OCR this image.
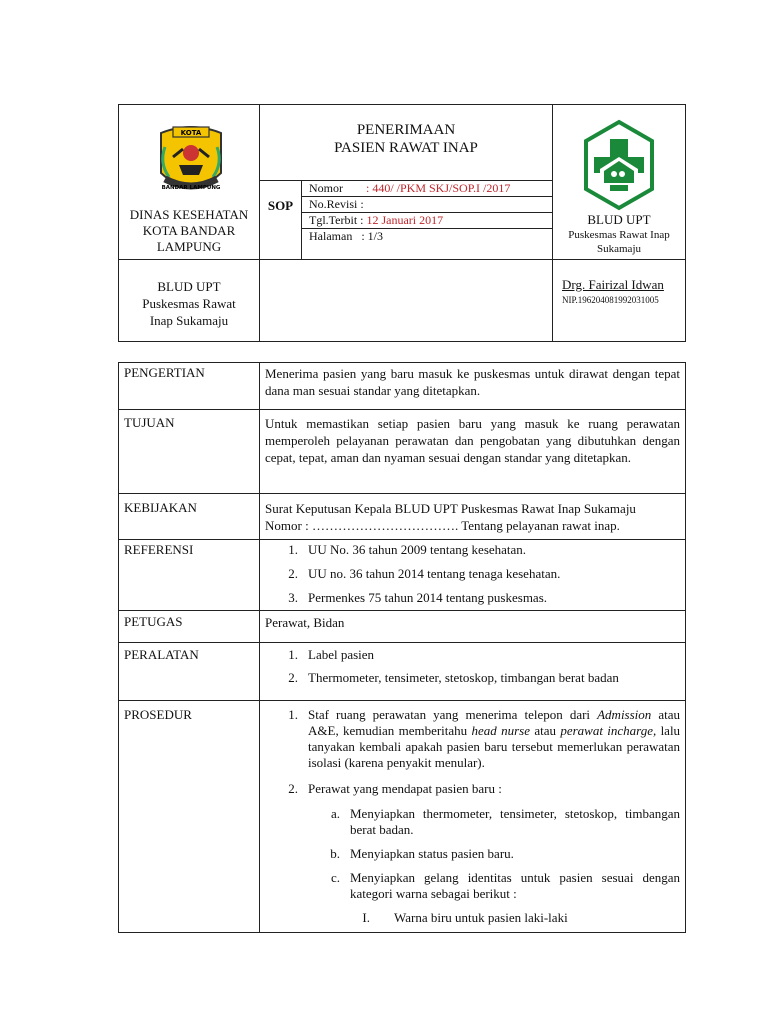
KOTA
BANDAR LAMPUNG
DINAS KESEHATAN
KOTA BANDAR
LAMPUNG
PENERIMAAN
PASIEN RAWAT INAP
SOP
Nomor : 440/ /PKM SKJ/SOP.I /2017
No.Revisi :
Tgl.Terbit : 12 Januari 2017
Halaman : 1/3
BLUD UPT
Puskesmas Rawat Inap
Sukamaju
BLUD UPT
Puskesmas Rawat
Inap Sukamaju
Drg. Fairizal Idwan
NIP.196204081992031005
PENGERTIAN	Menerima pasien yang baru masuk ke puskesmas untuk dirawat dengan tepat dana man sesuai standar yang ditetapkan.
TUJUAN	Untuk memastikan setiap pasien baru yang masuk ke ruang perawatan memperoleh pelayanan perawatan dan pengobatan yang dibutuhkan dengan cepat, tepat, aman dan nyaman sesuai dengan standar yang ditetapkan.
KEBIJAKAN	Surat Keputusan Kepala BLUD UPT Puskesmas Rawat Inap Sukamaju
Nomor : ……………………………. Tentang pelayanan rawat inap.
REFERENSI	1. UU No. 36 tahun 2009 tentang kesehatan.
2. UU no. 36 tahun 2014 tentang tenaga kesehatan.
3. Permenkes 75 tahun 2014 tentang puskesmas.
PETUGAS	Perawat, Bidan
PERALATAN	1. Label pasien
2. Thermometer, tensimeter, stetoskop, timbangan berat badan
PROSEDUR	1. Staf ruang perawatan yang menerima telepon dari Admission atau A&E, kemudian memberitahu head nurse atau perawat incharge, lalu tanyakan kembali apakah pasien baru tersebut memerlukan perawatan isolasi (karena penyakit menular).
2. Perawat yang mendapat pasien baru :
a. Menyiapkan thermometer, tensimeter, stetoskop, timbangan berat badan.
b. Menyiapkan status pasien baru.
c. Menyiapkan gelang identitas untuk pasien sesuai dengan kategori warna sebagai berikut :
I. Warna biru untuk pasien laki-laki
